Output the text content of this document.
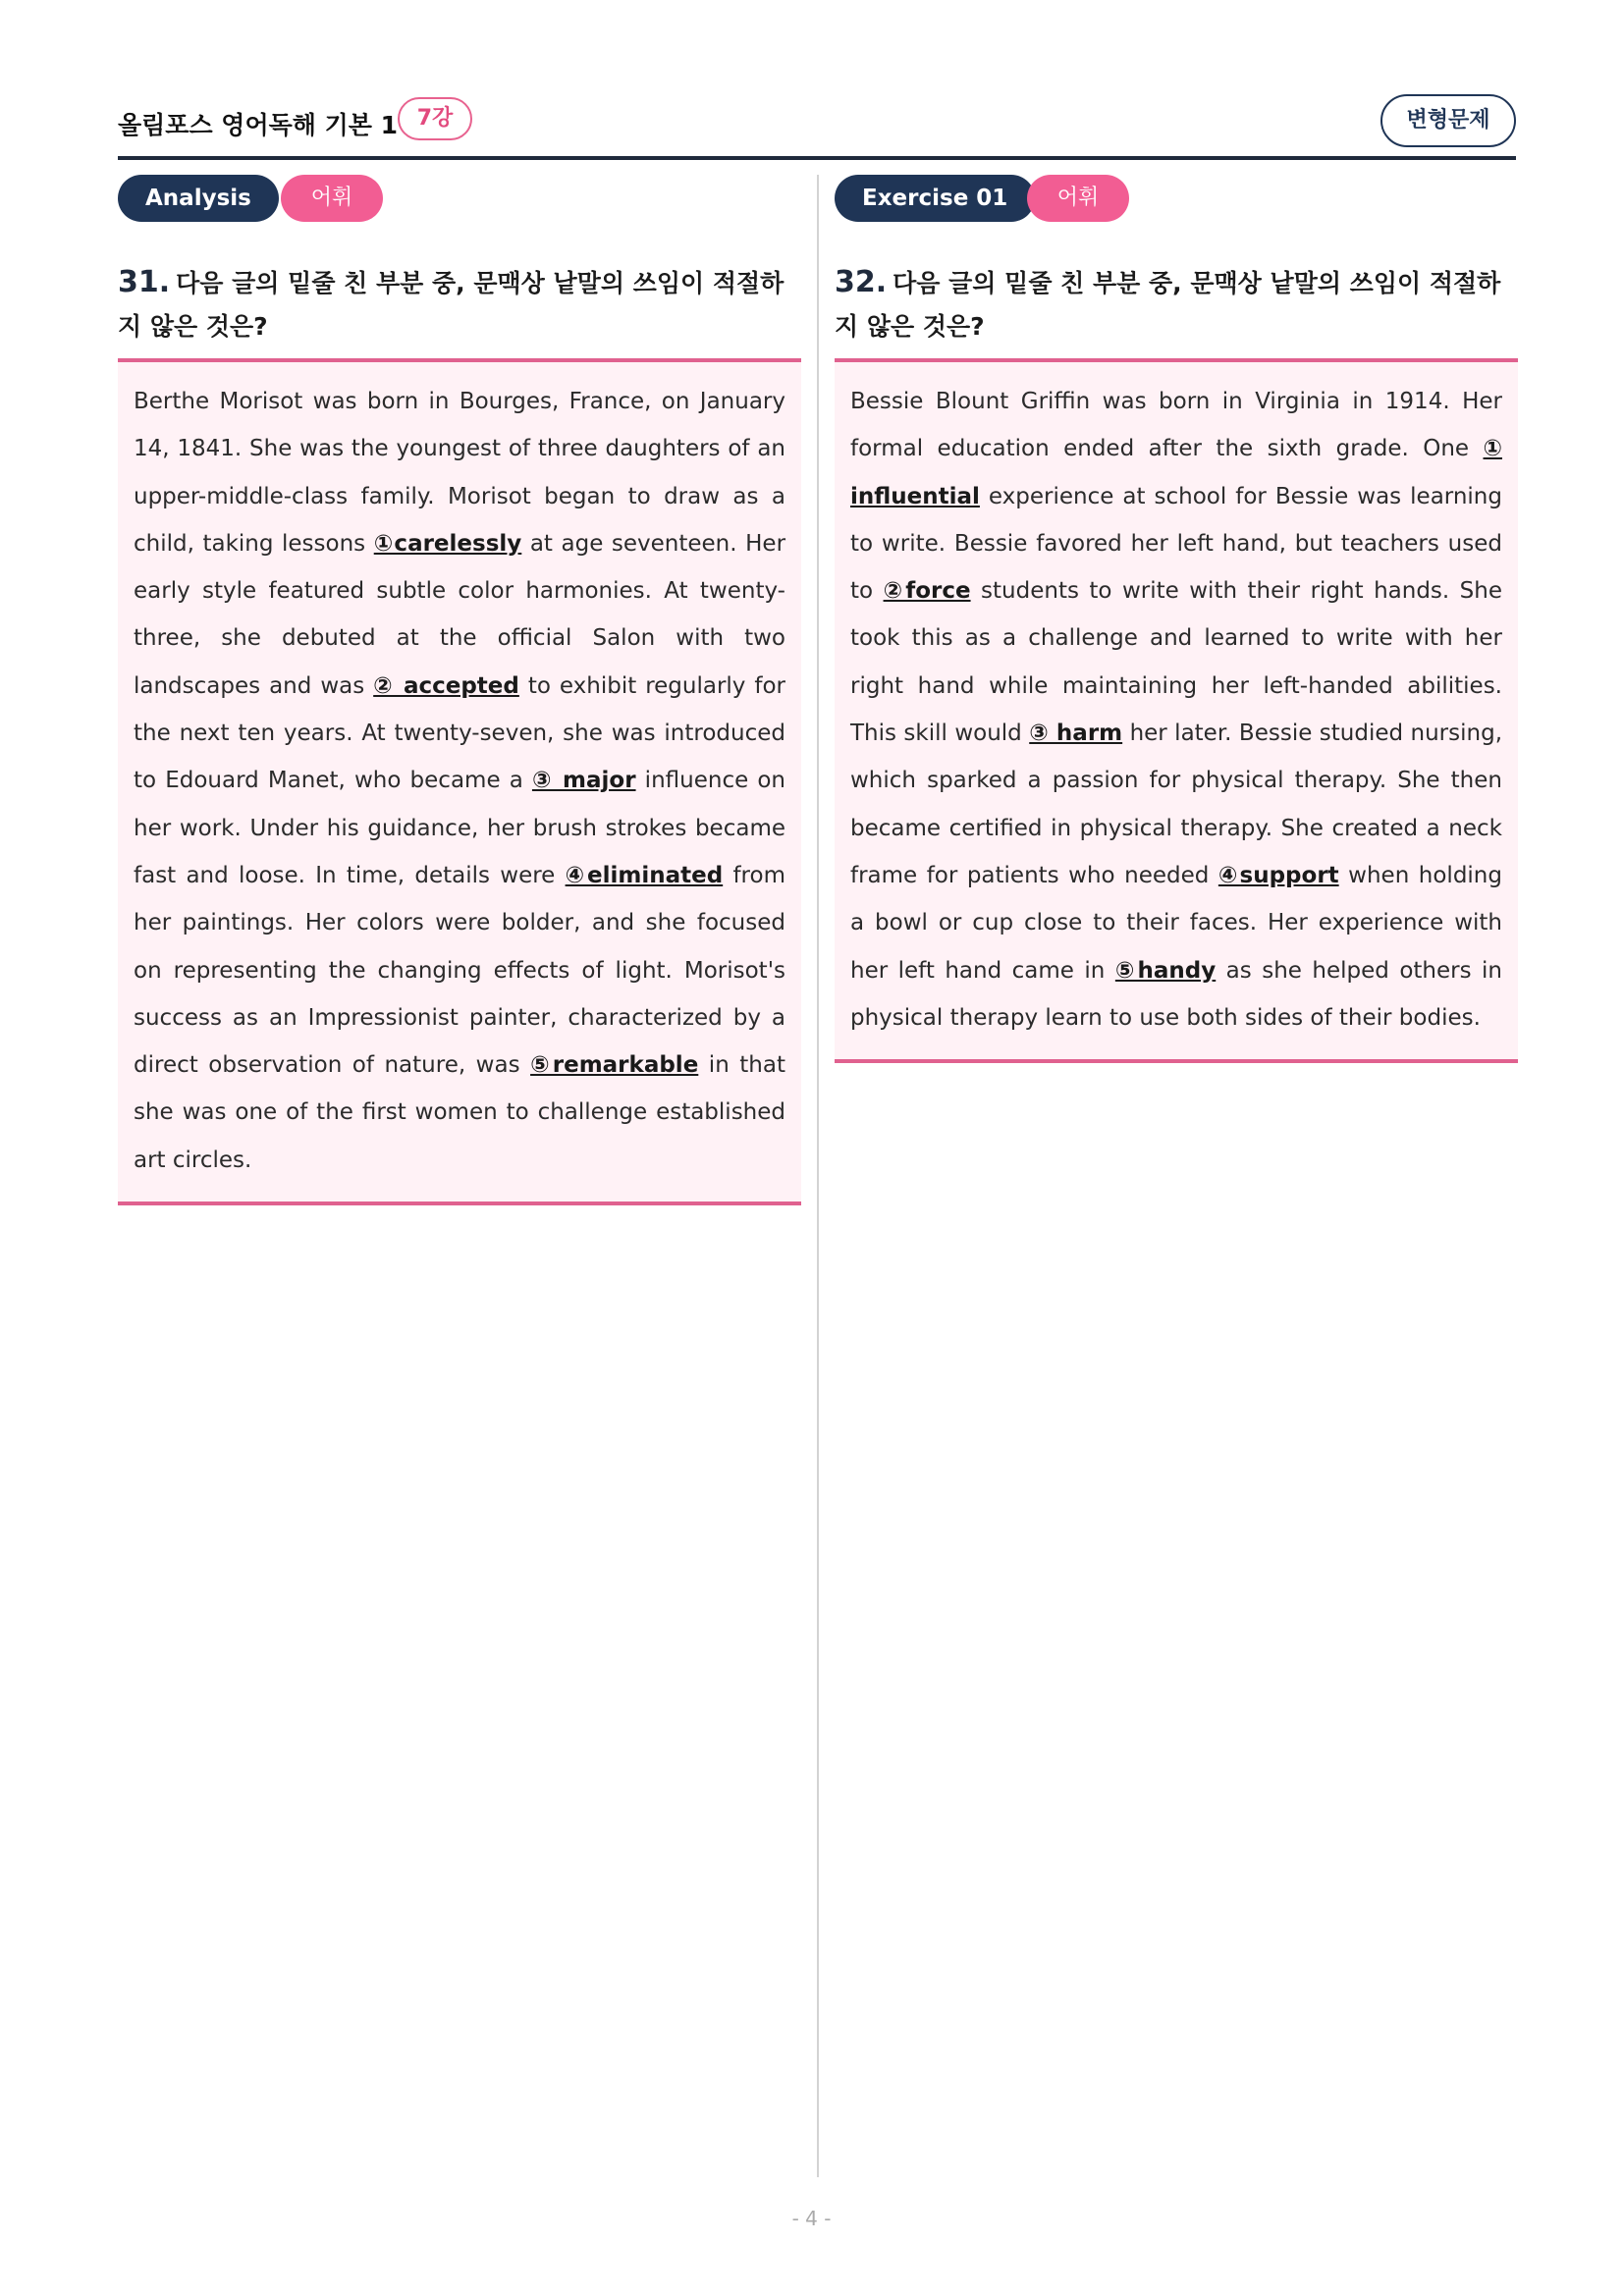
올림포스 영어독해 기본 1 7강	변형문제
Analysis	어휘
31. 다음 글의 밑줄 친 부분 중, 문맥상 낱말의 쓰임이 적절하지 않은 것은?
Berthe Morisot was born in Bourges, France, on January 14, 1841. She was the youngest of three daughters of an upper-middle-class family. Morisot began to draw as a child, taking lessons ①carelessly at age seventeen. Her early style featured subtle color harmonies. At twenty-three, she debuted at the official Salon with two landscapes and was ② accepted to exhibit regularly for the next ten years. At twenty-seven, she was introduced to Edouard Manet, who became a ③ major influence on her work. Under his guidance, her brush strokes became fast and loose. In time, details were ④eliminated from her paintings. Her colors were bolder, and she focused on representing the changing effects of light. Morisot's success as an Impressionist painter, characterized by a direct observation of nature, was ⑤remarkable in that she was one of the first women to challenge established art circles.
Exercise 01	어휘
32. 다음 글의 밑줄 친 부분 중, 문맥상 낱말의 쓰임이 적절하지 않은 것은?
Bessie Blount Griffin was born in Virginia in 1914. Her formal education ended after the sixth grade. One ① influential experience at school for Bessie was learning to write. Bessie favored her left hand, but teachers used to ②force students to write with their right hands. She took this as a challenge and learned to write with her right hand while maintaining her left-handed abilities. This skill would ③ harm her later. Bessie studied nursing, which sparked a passion for physical therapy. She then became certified in physical therapy. She created a neck frame for patients who needed ④support when holding a bowl or cup close to their faces. Her experience with her left hand came in ⑤handy as she helped others in physical therapy learn to use both sides of their bodies.
- 4 -
